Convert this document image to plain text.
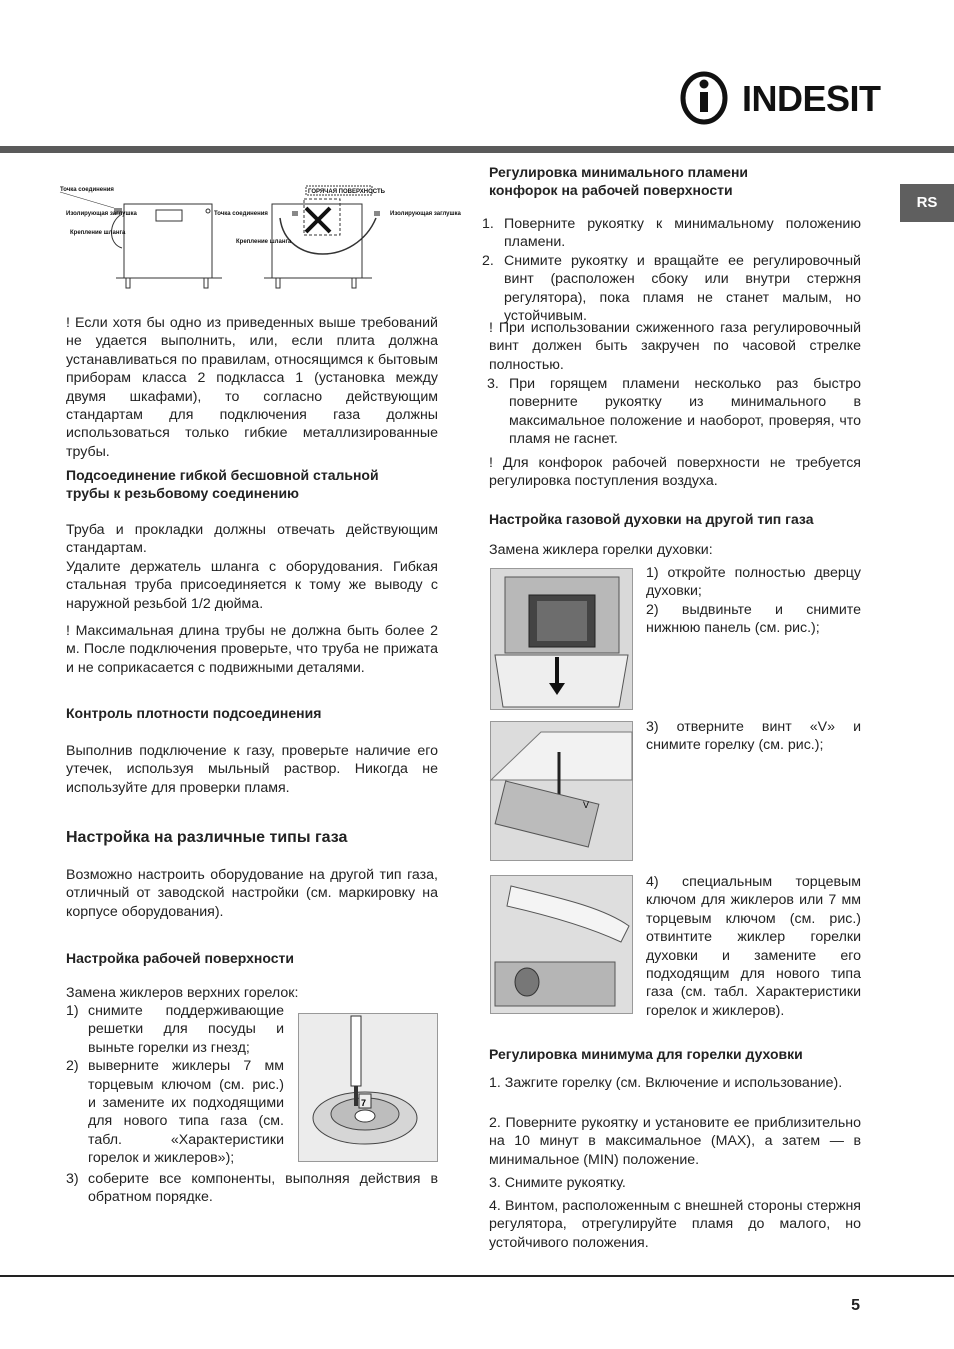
INDESIT
RS
Точка соединения
Изолирующая заглушка
Крепление шланга
ГОРЯЧАЯ ПОВЕРХНОСТЬ
Точка соединения
Крепление шланга
Изолирующая заглушка

! Если хотя бы одно из приведенных выше требований не удается выполнить, или, если плита должна устанавливаться по правилам, относящимся к бытовым приборам класса 2 подкласса 1 (установка между двумя шкафами), то согласно действующим стандартам для подключения газа должны использоваться только гибкие металлизированные трубы.

Подсоединение гибкой бесшовной стальной трубы к резьбовому соединению

Труба и прокладки должны отвечать действующим стандартам.

Удалите держатель шланга с оборудования. Гибкая стальная труба присоединяется к тому же выводу с наружной резьбой 1/2 дюйма.

! Максимальная длина трубы не должна быть более 2 м. После подключения проверьте, что труба не прижата и не соприкасается с подвижными деталями.

Контроль плотности подсоединения

Выполнив подключение к газу, проверьте наличие его утечек, используя мыльный раствор. Никогда не используйте для проверки пламя.

Настройка на различные типы газа

Возможно настроить оборудование на другой тип газа, отличный от заводской настройки (см. маркировку на корпусе оборудования).

Настройка рабочей поверхности

Замена жиклеров верхних горелок:

1) снимите поддерживающие решетки для посуды и выньте горелки из гнезд;
2) выверните жиклеры 7 мм торцевым ключом (см. рис.) и замените их подходящими для нового типа газа (см. табл. «Характеристики горелок и жиклеров»);
3) соберите все компоненты, выполняя действия в обратном порядке.
7

Регулировка минимального пламени конфорок на рабочей поверхности

1. Поверните рукоятку к минимальному положению пламени.
2. Снимите рукоятку и вращайте ее регулировочный винт (расположен сбоку или внутри стержня регулятора), пока пламя не станет малым, но устойчивым.

! При использовании сжиженного газа регулировочный винт должен быть закручен по часовой стрелке полностью.

3. При горящем пламени несколько раз быстро поверните рукоятку из минимального в максимальное положение и наоборот, проверяя, что пламя не гаснет.

! Для конфорок рабочей поверхности не требуется регулировка поступления воздуха.

Настройка газовой духовки на другой тип газа

Замена жиклера горелки духовки:

1) откройте полностью дверцу духовки;

2) выдвиньте и снимите нижнюю панель (см. рис.);

V

3) отверните винт «V» и снимите горелку (см. рис.);

4) специальным торцевым ключом для жиклеров или 7 мм торцевым ключом (см. рис.) отвинтите жиклер горелки духовки и замените его подходящим для нового типа газа (см. табл. Характеристики горелок и жиклеров).

Регулировка минимума для горелки духовки

1. Зажгите горелку (см. Включение и использование).

2. Поверните рукоятку и установите ее приблизительно на 10 минут в максимальное (MAX), а затем — в минимальное (MIN) положение.

3. Снимите рукоятку.

4. Винтом, расположенным с внешней стороны стержня регулятора, отрегулируйте пламя до малого, но устойчивого положения.

5
